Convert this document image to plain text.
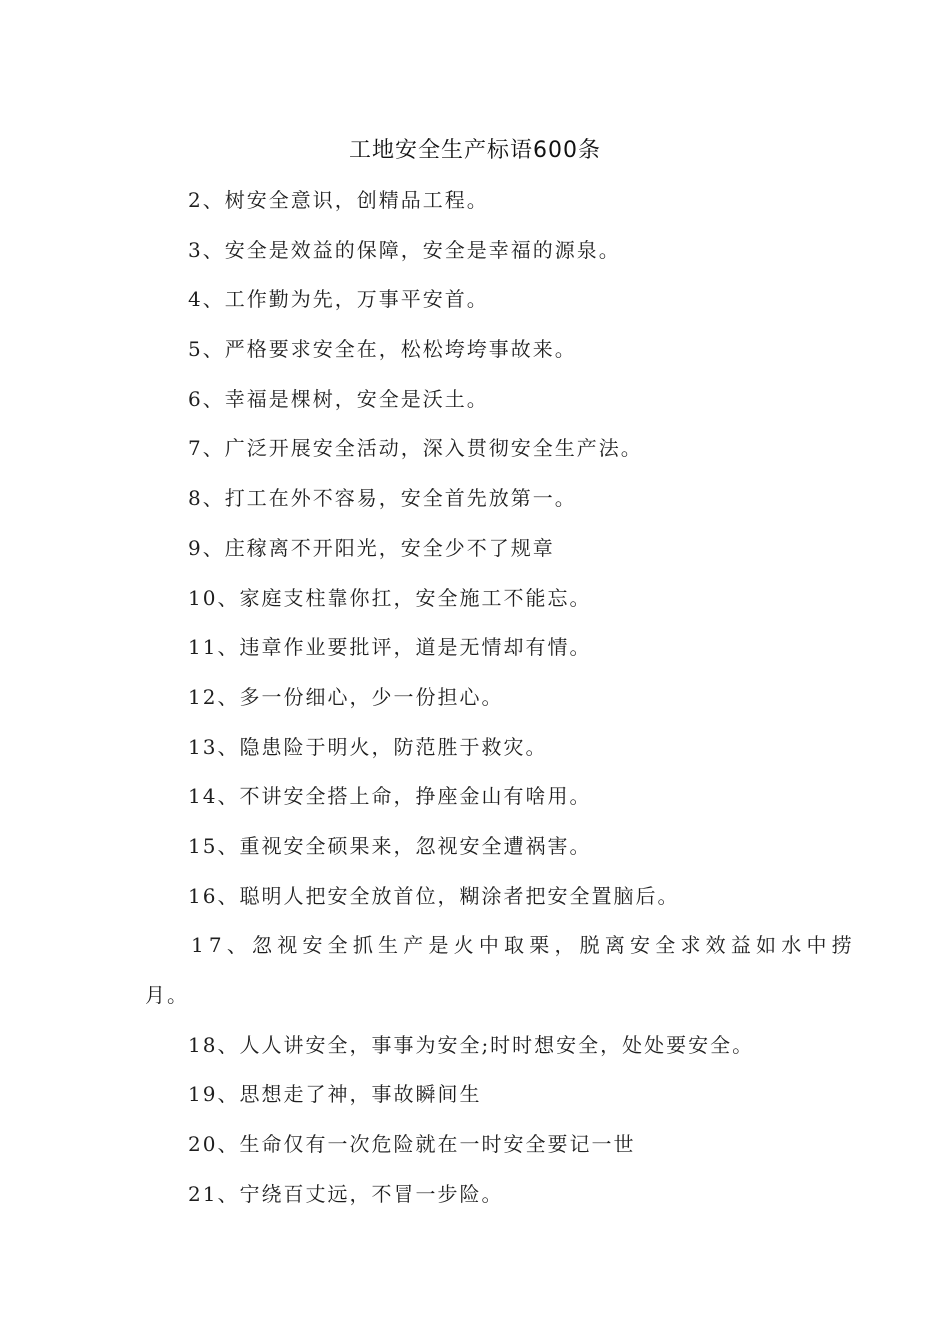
工地安全生产标语600条
2、树安全意识，创精品工程。
3、安全是效益的保障，安全是幸福的源泉。
4、工作勤为先，万事平安首。
5、严格要求安全在，松松垮垮事故来。
6、幸福是棵树，安全是沃土。
7、广泛开展安全活动，深入贯彻安全生产法。
8、打工在外不容易，安全首先放第一。
9、庄稼离不开阳光，安全少不了规章
10、家庭支柱靠你扛，安全施工不能忘。
11、违章作业要批评，道是无情却有情。
12、多一份细心，少一份担心。
13、隐患险于明火，防范胜于救灾。
14、不讲安全搭上命，挣座金山有啥用。
15、重视安全硕果来，忽视安全遭祸害。
16、聪明人把安全放首位，糊涂者把安全置脑后。
17、忽视安全抓生产是火中取栗，脱离安全求效益如水中捞
月。
18、人人讲安全，事事为安全;时时想安全，处处要安全。
19、思想走了神，事故瞬间生
20、生命仅有一次危险就在一时安全要记一世
21、宁绕百丈远，不冒一步险。
